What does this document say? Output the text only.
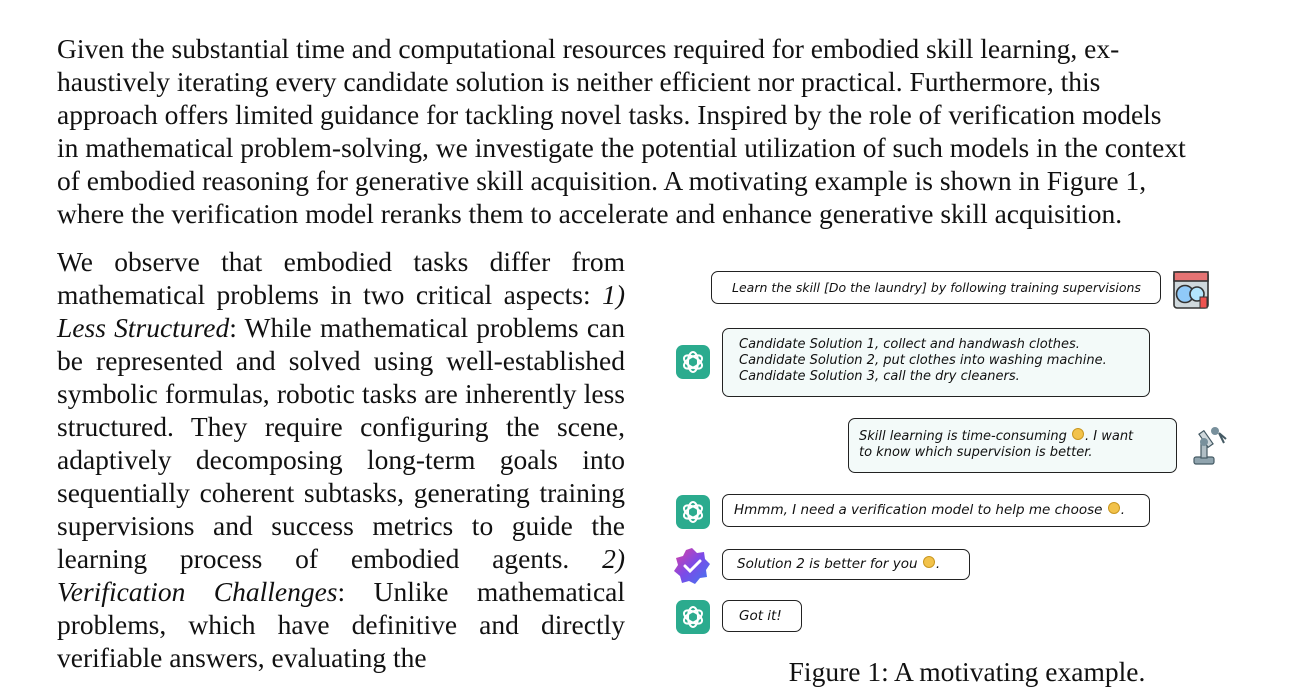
Given the substantial time and computational resources required for embodied skill learning, ex-
haustively iterating every candidate solution is neither efficient nor practical. Furthermore, this
approach offers limited guidance for tackling novel tasks. Inspired by the role of verification models
in mathematical problem-solving, we investigate the potential utilization of such models in the context
of embodied reasoning for generative skill acquisition. A motivating example is shown in Figure 1,
where the verification model reranks them to accelerate and enhance generative skill acquisition.
We observe that embodied tasks differ from mathematical problems in two critical aspects: 1) Less Structured: While mathematical problems can be represented and solved using well-established symbolic formulas, robotic tasks are inherently less structured. They require configuring the scene, adaptively decomposing long-term goals into sequentially coherent subtasks, generating training supervisions and success metrics to guide the learning process of embodied agents. 2) Verification Challenges: Unlike mathematical problems, which have definitive and directly verifiable answers, evaluating the
Learn the skill [Do the laundry] by following training supervisions
Candidate Solution 1, collect and handwash clothes.
Candidate Solution 2, put clothes into washing machine.
Candidate Solution 3, call the dry cleaners.
Skill learning is time-consuming . I want
to know which supervision is better.
Hmmm, I need a verification model to help me choose .
Solution 2 is better for you .
Got it!
Figure 1: A motivating example.
